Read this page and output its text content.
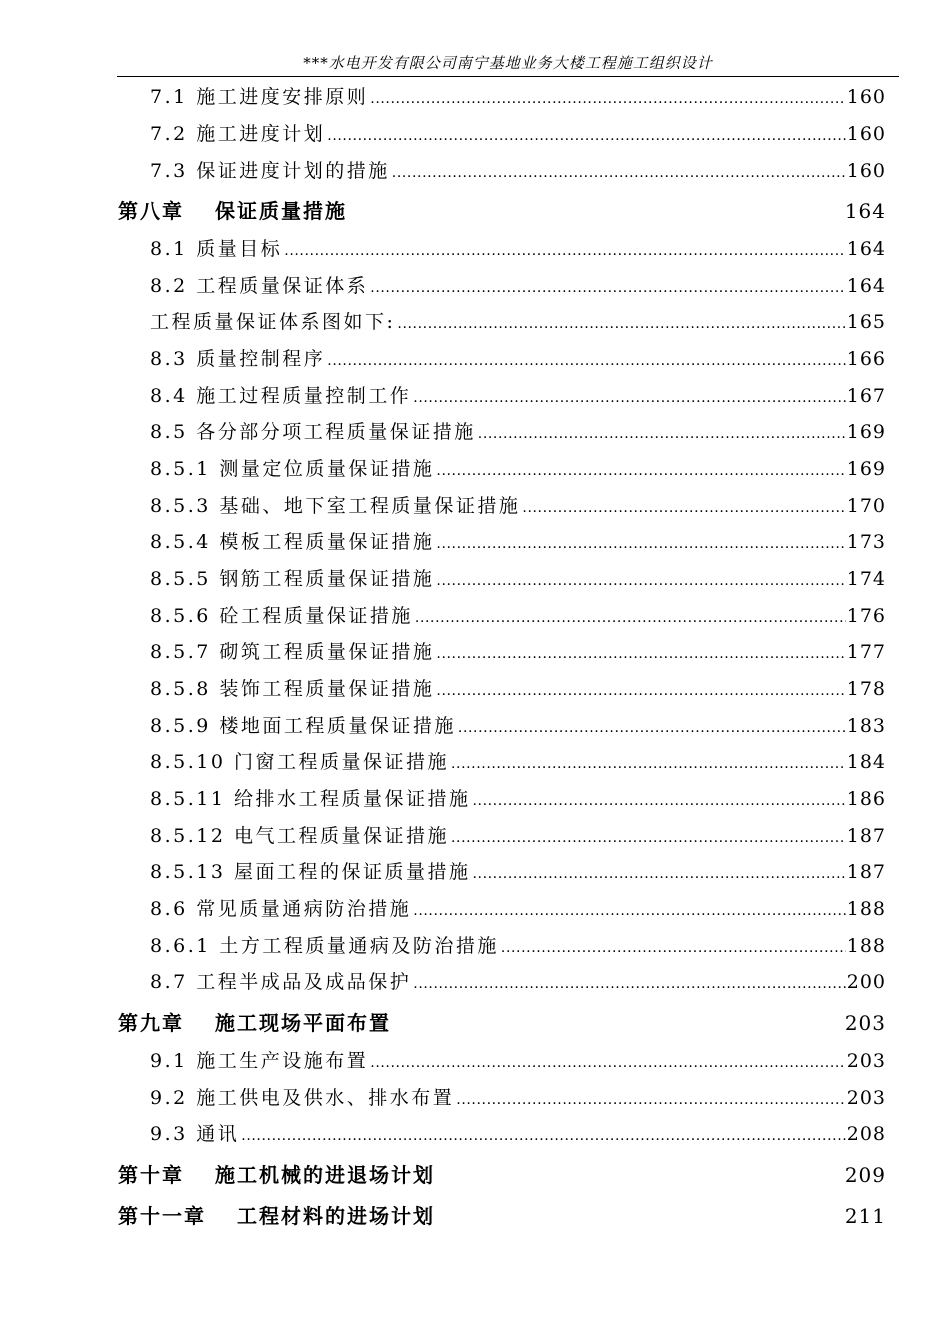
***水电开发有限公司南宁基地业务大楼工程施工组织设计
7.1 施工进度安排原则 .....	160
7.2 施工进度计划 .....	160
7.3 保证进度计划的措施 .....	160
第八章　 保证质量措施	164
8.1 质量目标 .....	164
8.2 工程质量保证体系 .....	164
工程质量保证体系图如下: .....	165
8.3 质量控制程序 .....	166
8.4 施工过程质量控制工作 .....	167
8.5 各分部分项工程质量保证措施 .....	169
8.5.1 测量定位质量保证措施 .....	169
8.5.3 基础、地下室工程质量保证措施 .....	170
8.5.4 模板工程质量保证措施 .....	173
8.5.5 钢筋工程质量保证措施 .....	174
8.5.6 砼工程质量保证措施 .....	176
8.5.7 砌筑工程质量保证措施 .....	177
8.5.8 装饰工程质量保证措施 .....	178
8.5.9 楼地面工程质量保证措施 .....	183
8.5.10 门窗工程质量保证措施 .....	184
8.5.11 给排水工程质量保证措施 .....	186
8.5.12 电气工程质量保证措施 .....	187
8.5.13 屋面工程的保证质量措施 .....	187
8.6 常见质量通病防治措施 .....	188
8.6.1 土方工程质量通病及防治措施 .....	188
8.7 工程半成品及成品保护 .....	200
第九章　 施工现场平面布置	203
9.1 施工生产设施布置 .....	203
9.2 施工供电及供水、排水布置 .....	203
9.3 通讯 .....	208
第十章　 施工机械的进退场计划	209
第十一章　 工程材料的进场计划	211
